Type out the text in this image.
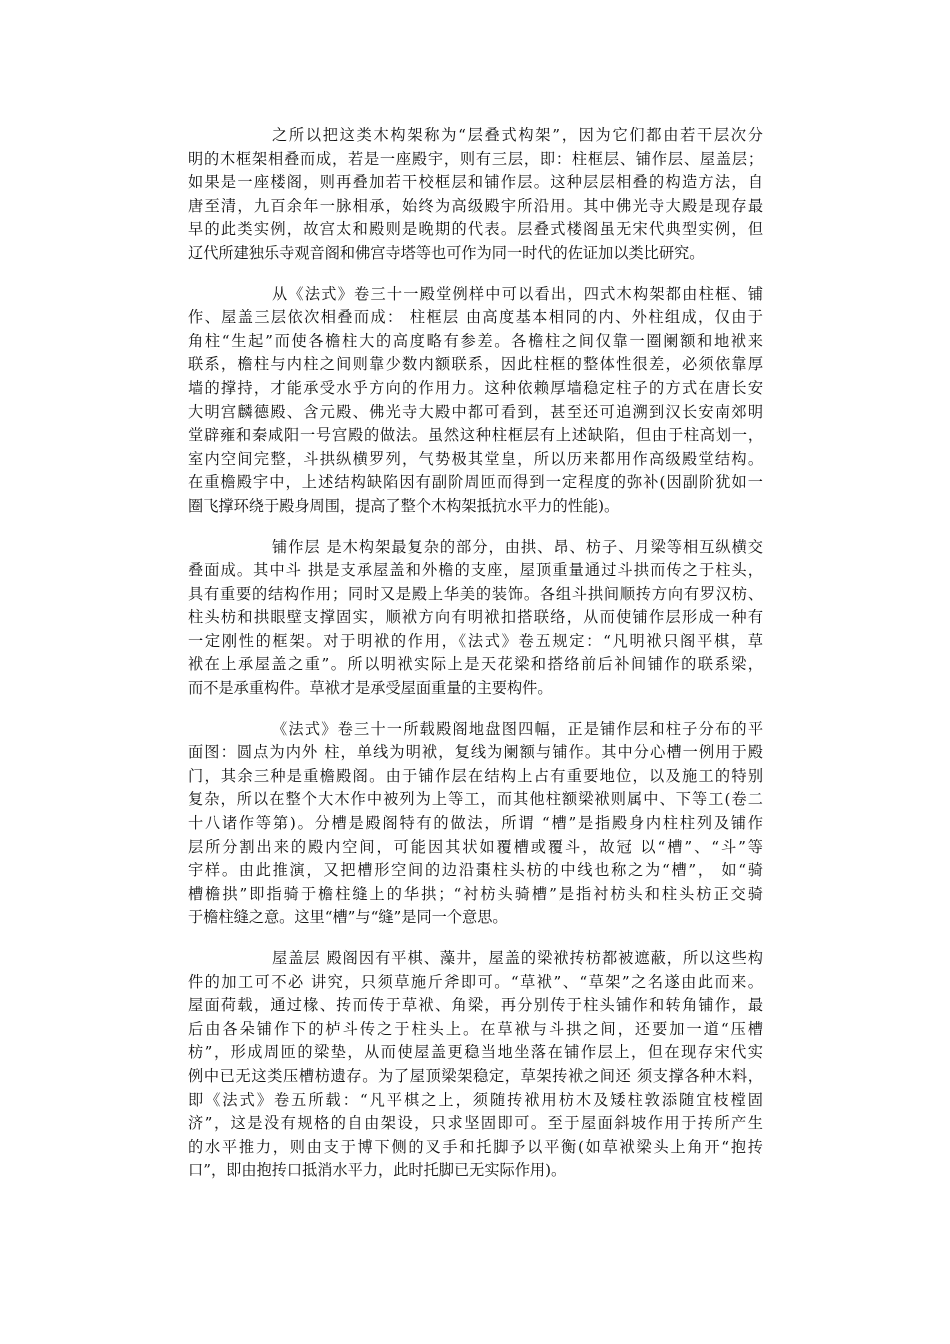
之所以把这类木构架称为“层叠式构架”，因为它们都由若干层次分
明的木框架相叠而成，若是一座殿宇，则有三层，即：柱框层、铺作层、屋盖层；
如果是一座楼阁，则再叠加若干校框层和铺作层。这种层层相叠的构造方法，自
唐至清，九百余年一脉相承，始终为高级殿宇所沿用。其中佛光寺大殿是现存最
早的此类实例，故宫太和殿则是晚期的代表。层叠式楼阁虽无宋代典型实例，但
辽代所建独乐寺观音阁和佛宫寺塔等也可作为同一时代的佐证加以类比研究。
从《法式》卷三十一殿堂例样中可以看出，四式木构架都由柱框、铺
作、屋盖三层依次相叠而成： 柱框层 由高度基本相同的内、外柱组成，仅由于
角柱“生起”而使各檐柱大的高度略有参差。各檐柱之间仅靠一圈阑额和地袱来
联系，檐柱与内柱之间则靠少数内额联系，因此柱框的整体性很差，必须依靠厚
墙的撑持，才能承受水乎方向的作用力。这种依赖厚墙稳定柱子的方式在唐长安
大明宫麟德殿、含元殿、佛光寺大殿中都可看到，甚至还可追溯到汉长安南郊明
堂辟雍和秦咸阳一号宫殿的做法。虽然这种柱框层有上述缺陷，但由于柱高划一，
室内空间完整，斗拱纵横罗列，气势极其堂皇，所以历来都用作高级殿堂结构。
在重檐殿宇中，上述结构缺陷因有副阶周匝而得到一定程度的弥补(因副阶犹如一
圈飞撑环绕于殿身周围，提高了整个木构架抵抗水平力的性能)。
铺作层 是木构架最复杂的部分，由拱、昂、枋子、月梁等相互纵横交
叠面成。其中斗 拱是支承屋盖和外檐的支座，屋顶重量通过斗拱而传之于柱头，
具有重要的结构作用；同时又是殿上华美的装饰。各组斗拱间顺抟方向有罗汉枋、
柱头枋和拱眼壁支撑固实，顺袱方向有明袱扣搭联络，从而使铺作层形成一种有
一定刚性的框架。对于明袱的作用，《法式》卷五规定：“凡明袱只阁平棋，草
袱在上承屋盖之重”。所以明袱实际上是天花梁和搭络前后补间铺作的联系梁，
而不是承重构件。草袱才是承受屋面重量的主要构件。
《法式》卷三十一所载殿阁地盘图四幅，正是铺作层和柱子分布的平
面图：圆点为内外 柱，单线为明袱，复线为阑额与铺作。其中分心槽一例用于殿
门，其余三种是重檐殿阁。由于铺作层在结构上占有重要地位，以及施工的特别
复杂，所以在整个大木作中被列为上等工，而其他柱额梁袱则属中、下等工(卷二
十八诸作等第)。分槽是殿阁特有的做法，所谓 “槽”是指殿身内柱柱列及铺作
层所分割出来的殿内空间，可能因其状如覆槽或覆斗，故冠 以“槽”、“斗”等
宇样。由此推演，又把槽形空间的边沿棗柱头枋的中线也称之为“槽”， 如“骑
槽檐拱”即指骑于檐柱缝上的华拱；“衬枋头骑槽”是指衬枋头和柱头枋正交骑
于檐柱缝之意。这里“槽”与“缝”是同一个意思。
屋盖层 殿阁因有平棋、藻井，屋盖的梁袱抟枋都被遮蔽，所以这些构
件的加工可不必 讲究，只须草施斤斧即可。“草袱”、“草架”之名遂由此而来。
屋面荷载，通过椽、抟而传于草袱、角梁，再分别传于柱头铺作和转角铺作，最
后由各朵铺作下的栌斗传之于柱头上。在草袱与斗拱之间，还要加一道“压槽
枋”，形成周匝的梁垫，从而使屋盖更稳当地坐落在铺作层上，但在现存宋代实
例中已无这类压槽枋遗存。为了屋顶梁架稳定，草架抟袱之间还 须支撑各种木料，
即《法式》卷五所载：“凡平棋之上，须随抟袱用枋木及矮柱敦添随宜枝樘固
济”，这是没有规格的自由架设，只求坚固即可。至于屋面斜坡作用于抟所产生
的水平推力，则由支于博下侧的叉手和托脚予以平衡(如草袱梁头上角开“抱抟
口”，即由抱抟口抵消水平力，此时托脚已无实际作用)。
